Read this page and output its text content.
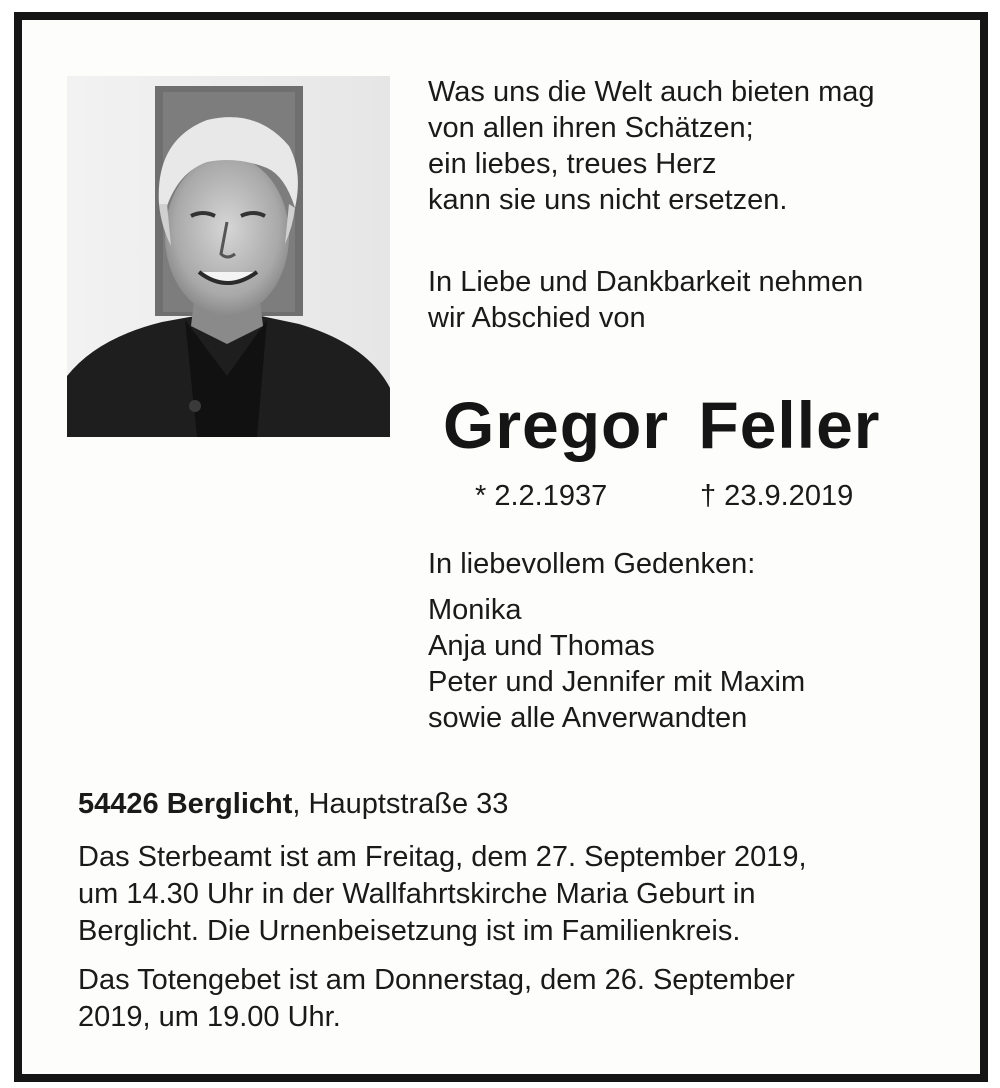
Was uns die Welt auch bieten mag
von allen ihren Schätzen;
ein liebes, treues Herz
kann sie uns nicht ersetzen.
In Liebe und Dankbarkeit nehmen
wir Abschied von
Gregor Feller
* 2.2.1937	† 23.9.2019
In liebevollem Gedenken:
Monika
Anja und Thomas
Peter und Jennifer mit Maxim
sowie alle Anverwandten
54426 Berglicht, Hauptstraße 33
Das Sterbeamt ist am Freitag, dem 27. September 2019,
um 14.30 Uhr in der Wallfahrtskirche Maria Geburt in
Berglicht. Die Urnenbeisetzung ist im Familienkreis.
Das Totengebet ist am Donnerstag, dem 26. September
2019, um 19.00 Uhr.
